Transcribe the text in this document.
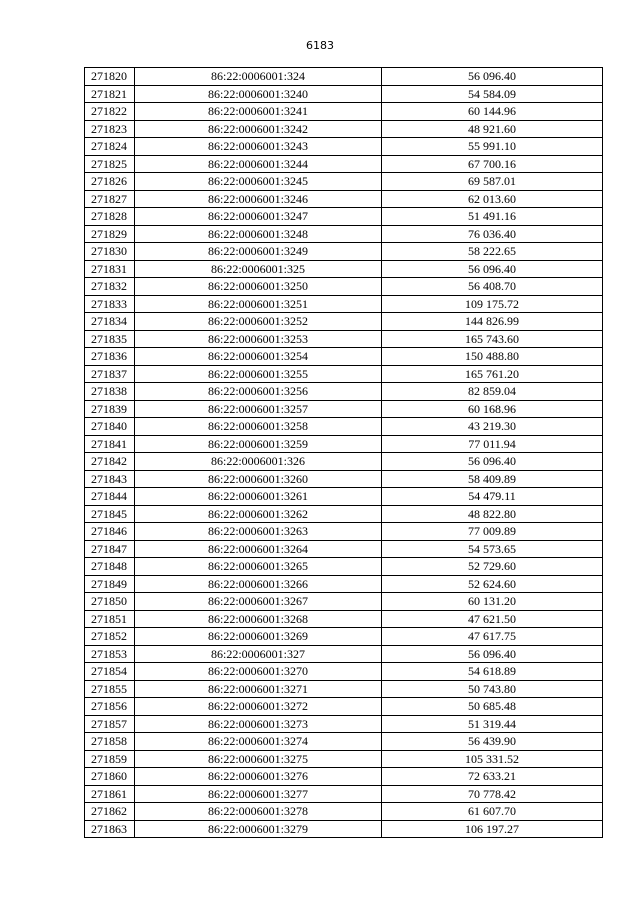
6183
271820	86:22:0006001:324	56 096.40
271821	86:22:0006001:3240	54 584.09
271822	86:22:0006001:3241	60 144.96
271823	86:22:0006001:3242	48 921.60
271824	86:22:0006001:3243	55 991.10
271825	86:22:0006001:3244	67 700.16
271826	86:22:0006001:3245	69 587.01
271827	86:22:0006001:3246	62 013.60
271828	86:22:0006001:3247	51 491.16
271829	86:22:0006001:3248	76 036.40
271830	86:22:0006001:3249	58 222.65
271831	86:22:0006001:325	56 096.40
271832	86:22:0006001:3250	56 408.70
271833	86:22:0006001:3251	109 175.72
271834	86:22:0006001:3252	144 826.99
271835	86:22:0006001:3253	165 743.60
271836	86:22:0006001:3254	150 488.80
271837	86:22:0006001:3255	165 761.20
271838	86:22:0006001:3256	82 859.04
271839	86:22:0006001:3257	60 168.96
271840	86:22:0006001:3258	43 219.30
271841	86:22:0006001:3259	77 011.94
271842	86:22:0006001:326	56 096.40
271843	86:22:0006001:3260	58 409.89
271844	86:22:0006001:3261	54 479.11
271845	86:22:0006001:3262	48 822.80
271846	86:22:0006001:3263	77 009.89
271847	86:22:0006001:3264	54 573.65
271848	86:22:0006001:3265	52 729.60
271849	86:22:0006001:3266	52 624.60
271850	86:22:0006001:3267	60 131.20
271851	86:22:0006001:3268	47 621.50
271852	86:22:0006001:3269	47 617.75
271853	86:22:0006001:327	56 096.40
271854	86:22:0006001:3270	54 618.89
271855	86:22:0006001:3271	50 743.80
271856	86:22:0006001:3272	50 685.48
271857	86:22:0006001:3273	51 319.44
271858	86:22:0006001:3274	56 439.90
271859	86:22:0006001:3275	105 331.52
271860	86:22:0006001:3276	72 633.21
271861	86:22:0006001:3277	70 778.42
271862	86:22:0006001:3278	61 607.70
271863	86:22:0006001:3279	106 197.27
